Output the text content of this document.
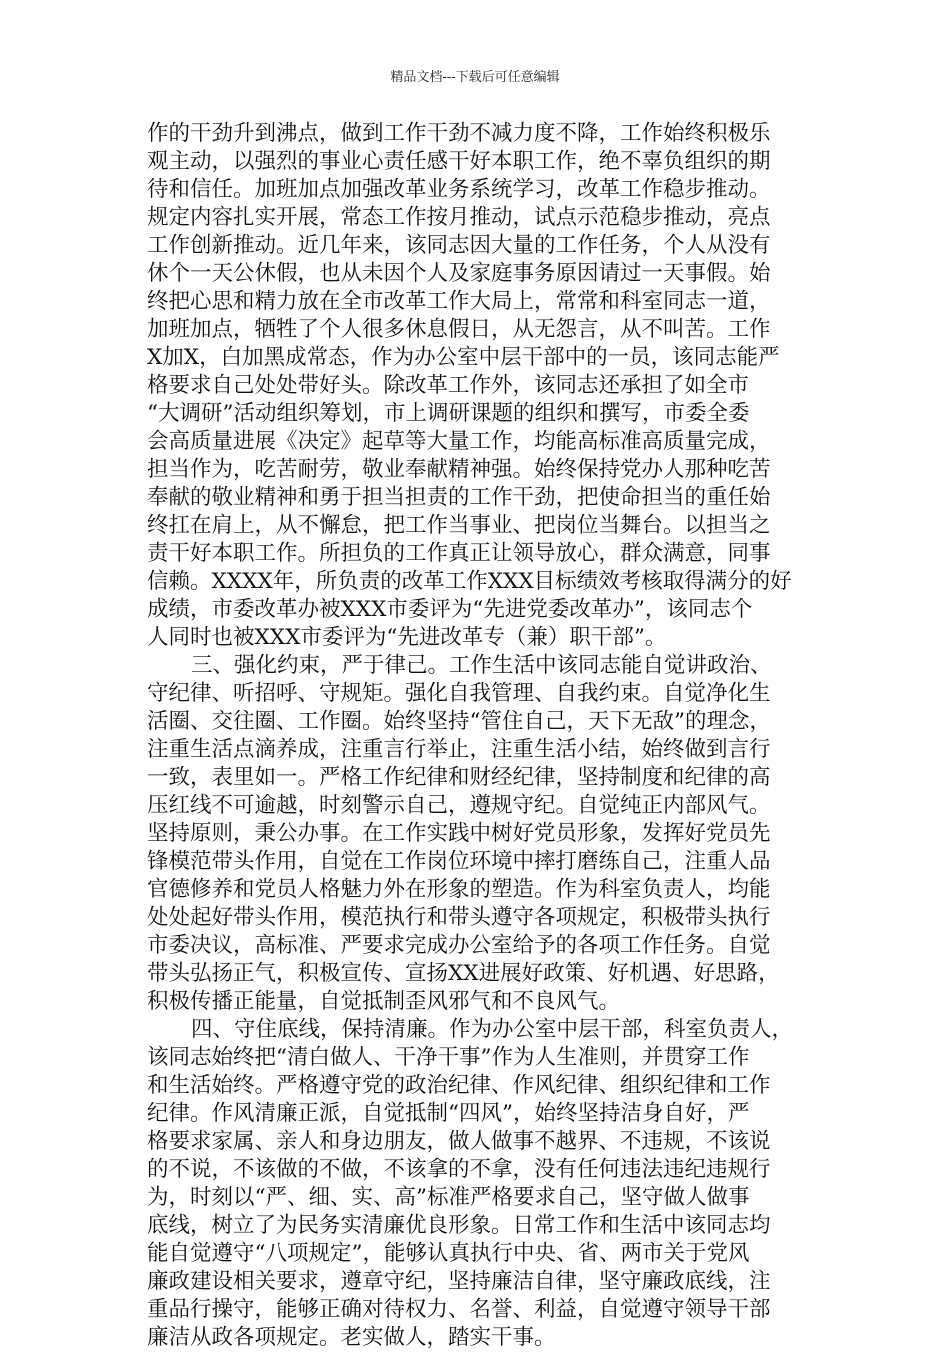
精品文档---下载后可任意编辑
作的干劲升到沸点，做到工作干劲不减力度不降，工作始终积极乐
观主动，以强烈的事业心责任感干好本职工作，绝不辜负组织的期
待和信任。加班加点加强改革业务系统学习，改革工作稳步推动。
规定内容扎实开展，常态工作按月推动，试点示范稳步推动，亮点
工作创新推动。近几年来，该同志因大量的工作任务，个人从没有
休个一天公休假，也从未因个人及家庭事务原因请过一天事假。始
终把心思和精力放在全市改革工作大局上，常常和科室同志一道，
加班加点，牺牲了个人很多休息假日，从无怨言，从不叫苦。工作
X加X，白加黑成常态，作为办公室中层干部中的一员，该同志能严
格要求自己处处带好头。除改革工作外，该同志还承担了如全市
“大调研”活动组织筹划，市上调研课题的组织和撰写，市委全委
会高质量进展《决定》起草等大量工作，均能高标准高质量完成，
担当作为，吃苦耐劳，敬业奉献精神强。始终保持党办人那种吃苦
奉献的敬业精神和勇于担当担责的工作干劲，把使命担当的重任始
终扛在肩上，从不懈怠，把工作当事业、把岗位当舞台。以担当之
责干好本职工作。所担负的工作真正让领导放心，群众满意，同事
信赖。XXXX年，所负责的改革工作XXX目标绩效考核取得满分的好
成绩，市委改革办被XXX市委评为“先进党委改革办”，该同志个
人同时也被XXX市委评为“先进改革专（兼）职干部”。
三、强化约束，严于律己。工作生活中该同志能自觉讲政治、
守纪律、听招呼、守规矩。强化自我管理、自我约束。自觉净化生
活圈、交往圈、工作圈。始终坚持“管住自己，天下无敌”的理念，
注重生活点滴养成，注重言行举止，注重生活小结，始终做到言行
一致，表里如一。严格工作纪律和财经纪律，坚持制度和纪律的高
压红线不可逾越，时刻警示自己，遵规守纪。自觉纯正内部风气。
坚持原则，秉公办事。在工作实践中树好党员形象，发挥好党员先
锋模范带头作用，自觉在工作岗位环境中摔打磨练自己，注重人品
官德修养和党员人格魅力外在形象的塑造。作为科室负责人，均能
处处起好带头作用，模范执行和带头遵守各项规定，积极带头执行
市委决议，高标准、严要求完成办公室给予的各项工作任务。自觉
带头弘扬正气，积极宣传、宣扬XX进展好政策、好机遇、好思路，
积极传播正能量，自觉抵制歪风邪气和不良风气。
四、守住底线，保持清廉。作为办公室中层干部，科室负责人，
该同志始终把“清白做人、干净干事”作为人生准则，并贯穿工作
和生活始终。严格遵守党的政治纪律、作风纪律、组织纪律和工作
纪律。作风清廉正派，自觉抵制“四风”，始终坚持洁身自好，严
格要求家属、亲人和身边朋友，做人做事不越界、不违规，不该说
的不说，不该做的不做，不该拿的不拿，没有任何违法违纪违规行
为，时刻以“严、细、实、高”标准严格要求自己，坚守做人做事
底线，树立了为民务实清廉优良形象。日常工作和生活中该同志均
能自觉遵守“八项规定”，能够认真执行中央、省、两市关于党风
廉政建设相关要求，遵章守纪，坚持廉洁自律，坚守廉政底线，注
重品行操守，能够正确对待权力、名誉、利益，自觉遵守领导干部
廉洁从政各项规定。老实做人，踏实干事。
